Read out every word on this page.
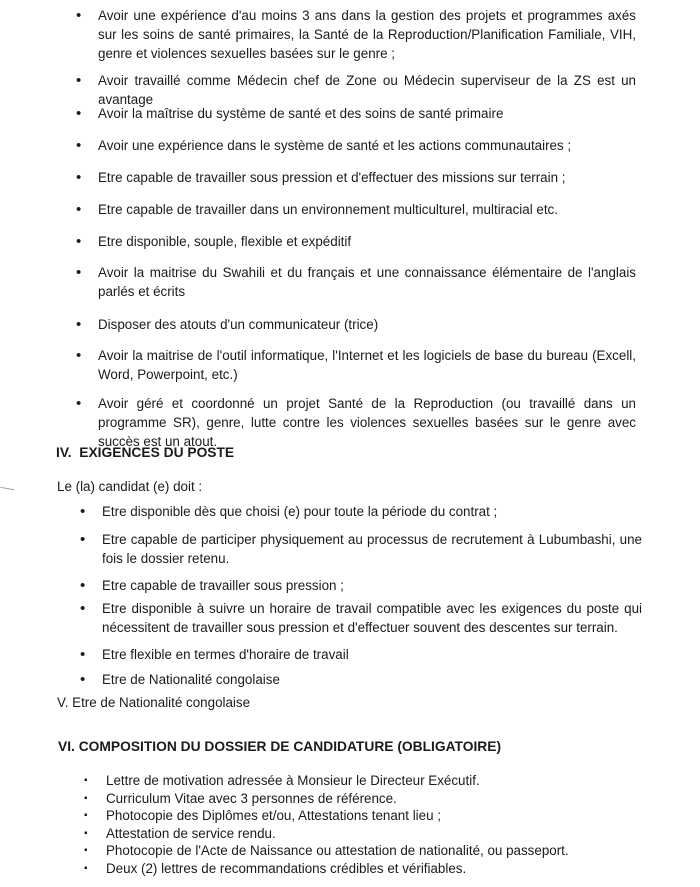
• Avoir une expérience d'au moins 3 ans dans la gestion des projets et programmes axés sur les soins de santé primaires, la Santé de la Reproduction/Planification Familiale, VIH, genre et violences sexuelles basées sur le genre ;
• Avoir travaillé comme Médecin chef de Zone ou Médecin superviseur de la ZS est un avantage
• Avoir la maîtrise du système de santé et des soins de santé primaire
• Avoir une expérience dans le système de santé et les actions communautaires ;
• Etre capable de travailler sous pression et d'effectuer des missions sur terrain ;
• Etre capable de travailler dans un environnement multiculturel, multiracial etc.
• Etre disponible, souple, flexible et expéditif
• Avoir la maitrise du Swahili et du français et une connaissance élémentaire de l'anglais parlés et écrits
• Disposer des atouts d'un communicateur (trice)
• Avoir la maitrise de l'outil informatique, l'Internet et les logiciels de base du bureau (Excell, Word, Powerpoint, etc.)
• Avoir géré et coordonné un projet Santé de la Reproduction (ou travaillé dans un programme SR), genre, lutte contre les violences sexuelles basées sur le genre avec succès est un atout.
IV.  EXIGENCES DU POSTE
Le (la) candidat (e) doit :
• Etre disponible dès que choisi (e) pour toute la période du contrat ;
• Etre capable de participer physiquement au processus de recrutement à Lubumbashi, une fois le dossier retenu.
• Etre capable de travailler sous pression ;
• Etre disponible à suivre un horaire de travail compatible avec les exigences du poste qui nécessitent de travailler sous pression et d'effectuer souvent des descentes sur terrain.
• Etre flexible en termes d'horaire de travail
• Etre de Nationalité congolaise
V. Etre de Nationalité congolaise
VI. COMPOSITION DU DOSSIER DE CANDIDATURE (OBLIGATOIRE)
▪ Lettre de motivation adressée à Monsieur le Directeur Exécutif.
▪ Curriculum Vitae avec 3 personnes de référence.
▪ Photocopie des Diplômes et/ou, Attestations tenant lieu ;
▪ Attestation de service rendu.
▪ Photocopie de l'Acte de Naissance ou attestation de nationalité, ou passeport.
▪ Deux (2) lettres de recommandations crédibles et vérifiables.
